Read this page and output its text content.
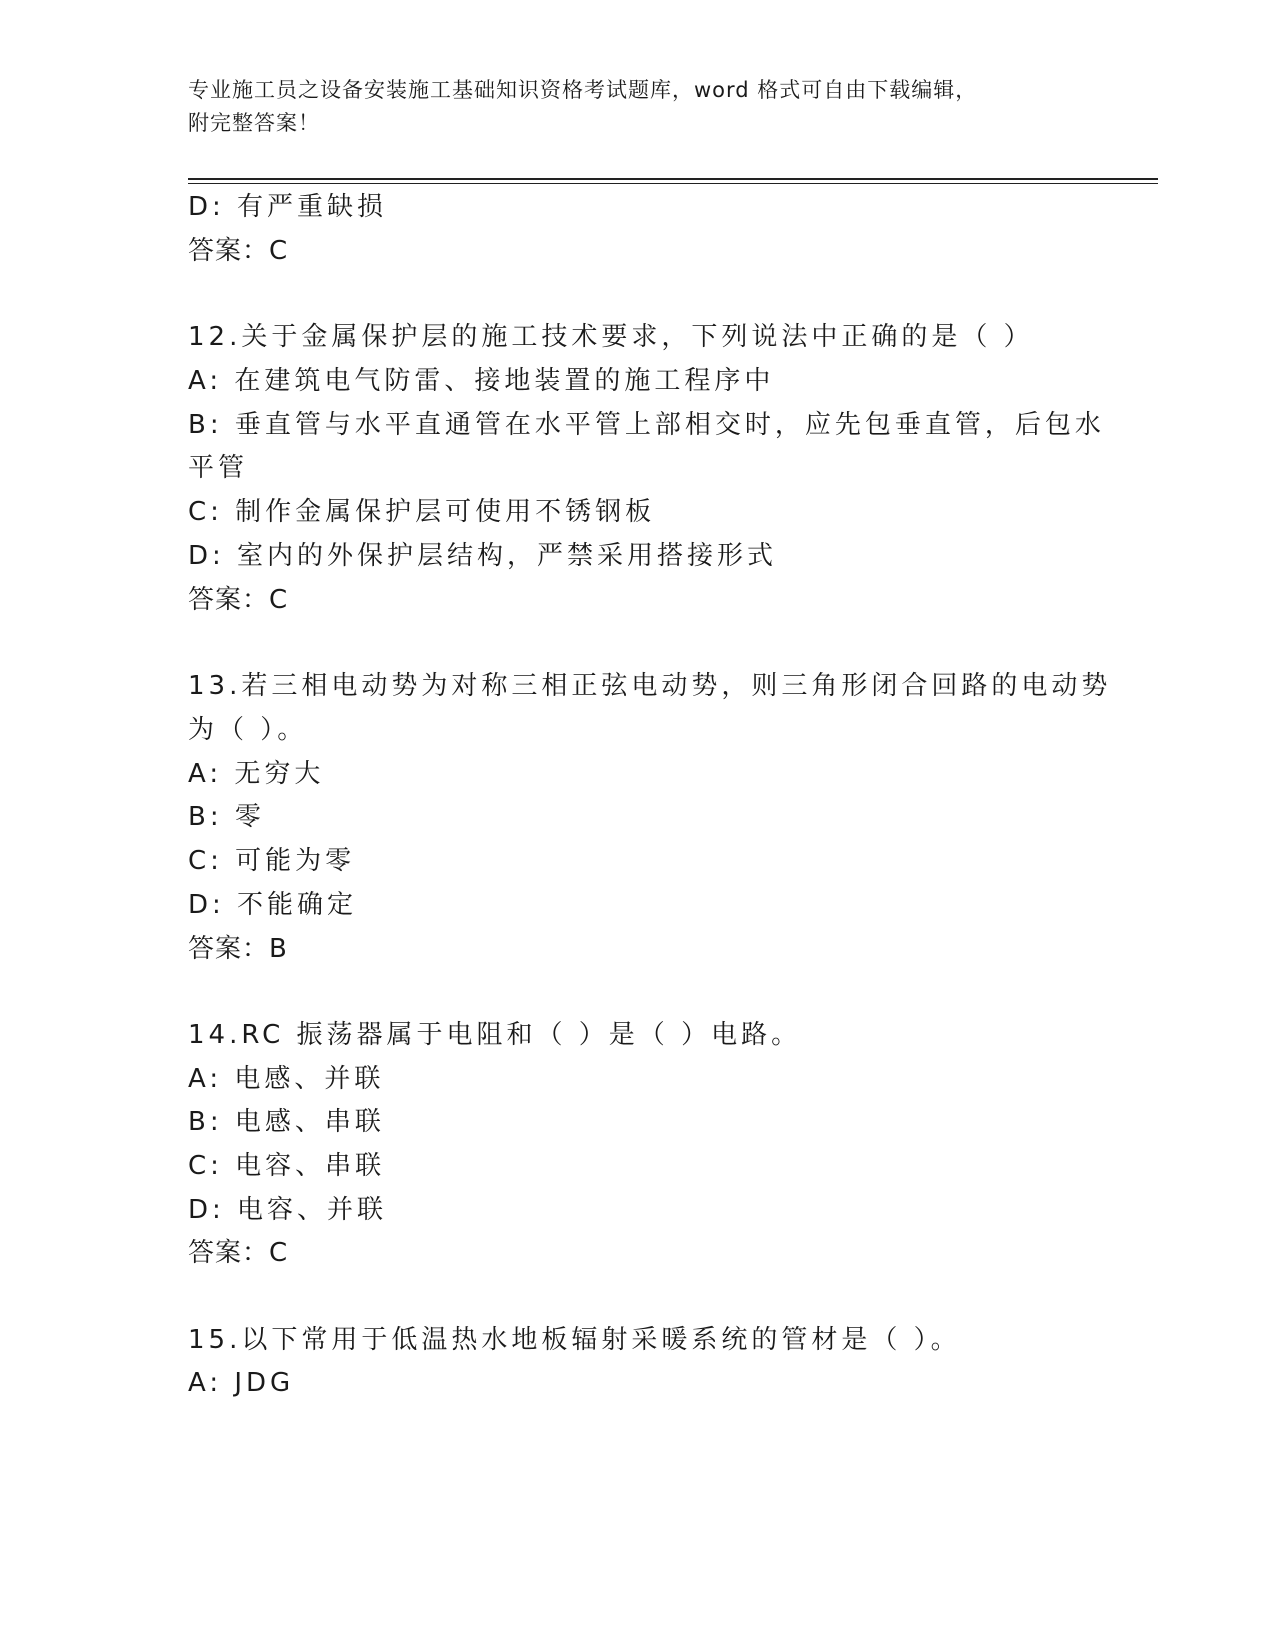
专业施工员之设备安装施工基础知识资格考试题库，word 格式可自由下载编辑，
附完整答案！
D: 有严重缺损
答案：C
12.关于金属保护层的施工技术要求，下列说法中正确的是（ ）
A: 在建筑电气防雷、接地装置的施工程序中
B: 垂直管与水平直通管在水平管上部相交时，应先包垂直管，后包水
平管
C: 制作金属保护层可使用不锈钢板
D: 室内的外保护层结构，严禁采用搭接形式
答案：C
13.若三相电动势为对称三相正弦电动势，则三角形闭合回路的电动势
为（ ）。
A: 无穷大
B: 零
C: 可能为零
D: 不能确定
答案：B
14.RC 振荡器属于电阻和（ ）是（ ）电路。
A: 电感、并联
B: 电感、串联
C: 电容、串联
D: 电容、并联
答案：C
15.以下常用于低温热水地板辐射采暖系统的管材是（ ）。
A: JDG
